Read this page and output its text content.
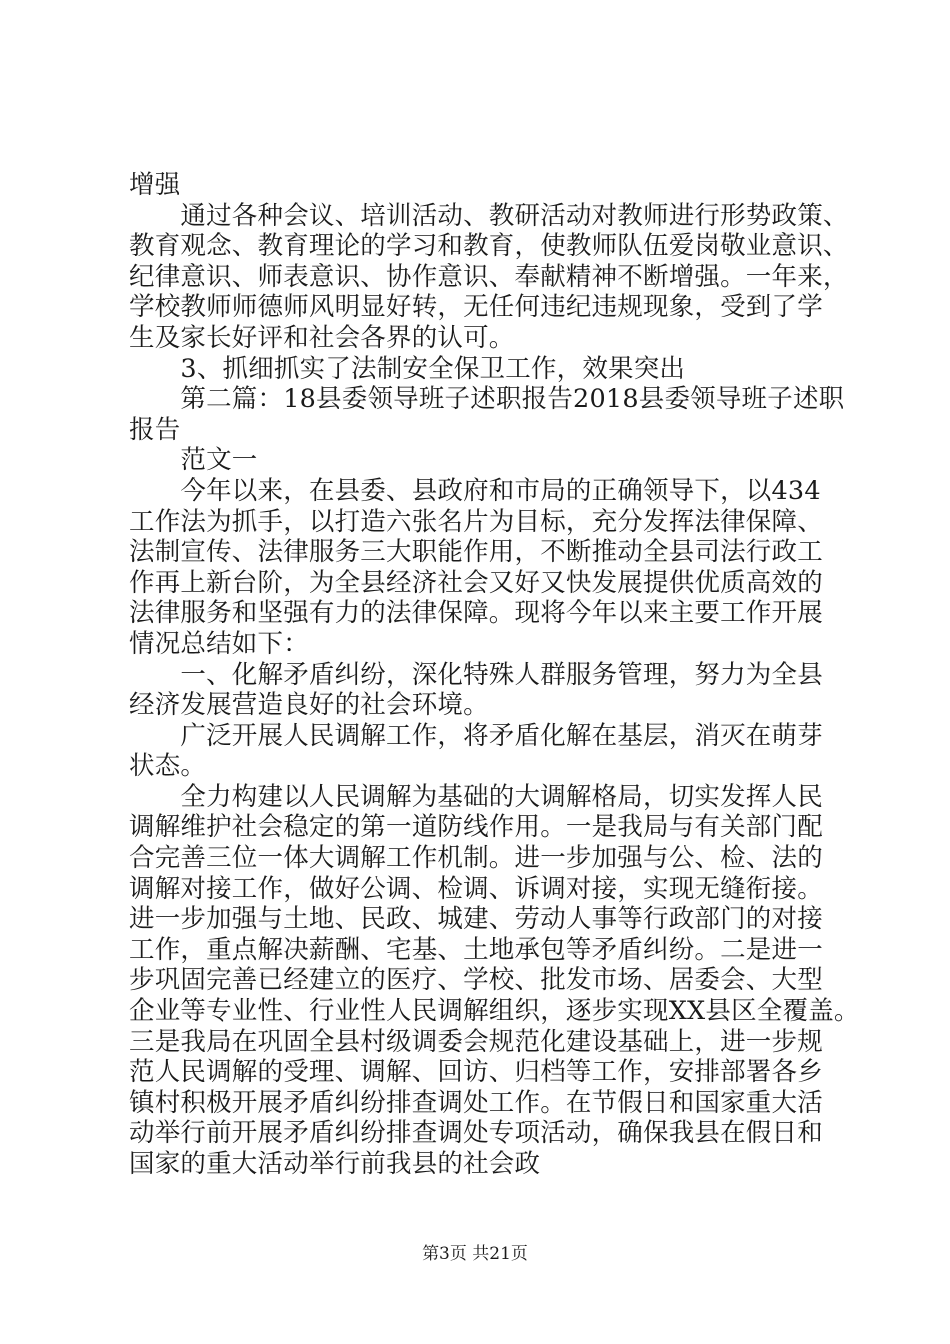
增强
　　通过各种会议、培训活动、教研活动对教师进行形势政策、
教育观念、教育理论的学习和教育，使教师队伍爱岗敬业意识、
纪律意识、师表意识、协作意识、奉献精神不断增强。一年来，
学校教师师德师风明显好转，无任何违纪违规现象，受到了学
生及家长好评和社会各界的认可。
　　3、抓细抓实了法制安全保卫工作，效果突出
　　第二篇：18县委领导班子述职报告2018县委领导班子述职
报告
　　范文一
　　今年以来，在县委、县政府和市局的正确领导下，以434
工作法为抓手，以打造六张名片为目标，充分发挥法律保障、
法制宣传、法律服务三大职能作用，不断推动全县司法行政工
作再上新台阶，为全县经济社会又好又快发展提供优质高效的
法律服务和坚强有力的法律保障。现将今年以来主要工作开展
情况总结如下：
　　一、化解矛盾纠纷，深化特殊人群服务管理，努力为全县
经济发展营造良好的社会环境。
　　广泛开展人民调解工作，将矛盾化解在基层，消灭在萌芽
状态。
　　全力构建以人民调解为基础的大调解格局，切实发挥人民
调解维护社会稳定的第一道防线作用。一是我局与有关部门配
合完善三位一体大调解工作机制。进一步加强与公、检、法的
调解对接工作，做好公调、检调、诉调对接，实现无缝衔接。
进一步加强与土地、民政、城建、劳动人事等行政部门的对接
工作，重点解决薪酬、宅基、土地承包等矛盾纠纷。二是进一
步巩固完善已经建立的医疗、学校、批发市场、居委会、大型
企业等专业性、行业性人民调解组织，逐步实现XX县区全覆盖。
三是我局在巩固全县村级调委会规范化建设基础上，进一步规
范人民调解的受理、调解、回访、归档等工作，安排部署各乡
镇村积极开展矛盾纠纷排查调处工作。在节假日和国家重大活
动举行前开展矛盾纠纷排查调处专项活动，确保我县在假日和
国家的重大活动举行前我县的社会政
第3页 共21页
